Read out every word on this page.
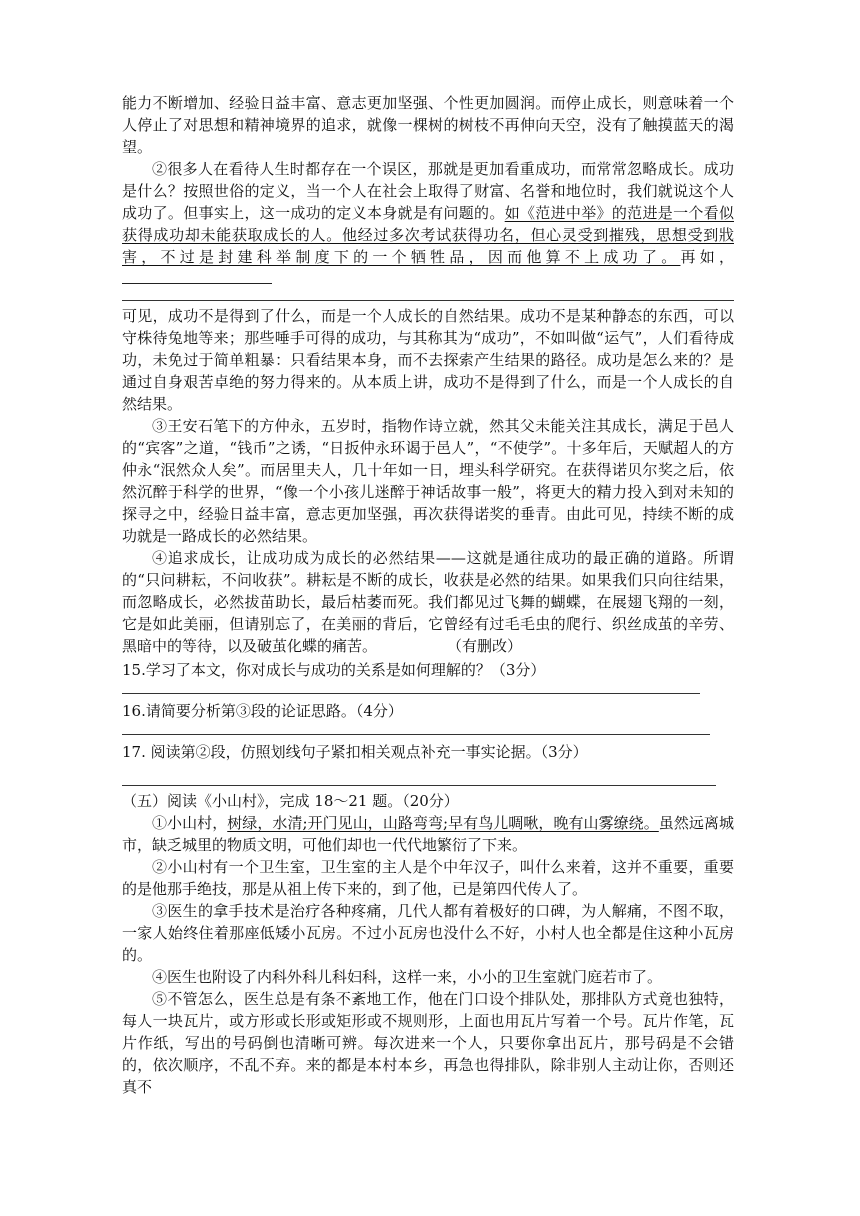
能力不断增加、经验日益丰富、意志更加坚强、个性更加圆润。而停止成长，则意味着一个人停止了对思想和精神境界的追求，就像一棵树的树枝不再伸向天空，没有了触摸蓝天的渴望。

②很多人在看待人生时都存在一个误区，那就是更加看重成功，而常常忽略成长。成功是什么？按照世俗的定义，当一个人在社会上取得了财富、名誉和地位时，我们就说这个人成功了。但事实上，这一成功的定义本身就是有问题的。如《范进中举》的范进是一个看似获得成功却未能获取成长的人。他经过多次考试获得功名，但心灵受到摧残，思想受到戕害，不过是封建科举制度下的一个牺牲品，因而他算不上成功了。再如，

可见，成功不是得到了什么，而是一个人成长的自然结果。成功不是某种静态的东西，可以守株待兔地等来；那些唾手可得的成功，与其称其为“成功”，不如叫做“运气”，人们看待成功，未免过于简单粗暴：只看结果本身，而不去探索产生结果的路径。成功是怎么来的？是通过自身艰苦卓绝的努力得来的。从本质上讲，成功不是得到了什么，而是一个人成长的自然结果。

③王安石笔下的方仲永，五岁时，指物作诗立就，然其父未能关注其成长，满足于邑人的“宾客”之道，“钱币”之诱，“日扳仲永环谒于邑人”，“不使学”。十多年后，天赋超人的方仲永“泯然众人矣”。而居里夫人，几十年如一日，埋头科学研究。在获得诺贝尔奖之后，依然沉醉于科学的世界，“像一个小孩儿迷醉于神话故事一般”，将更大的精力投入到对未知的探寻之中，经验日益丰富，意志更加坚强，再次获得诺奖的垂青。由此可见，持续不断的成功就是一路成长的必然结果。

④追求成长，让成功成为成长的必然结果——这就是通往成功的最正确的道路。所谓的“只问耕耘，不问收获”。耕耘是不断的成长，收获是必然的结果。如果我们只向往结果，而忽略成长，必然拔苗助长，最后枯萎而死。我们都见过飞舞的蝴蝶，在展翅飞翔的一刻，它是如此美丽，但请别忘了，在美丽的背后，它曾经有过毛毛虫的爬行、织丝成茧的辛劳、黑暗中的等待，以及破茧化蝶的痛苦。	（有删改）

15.学习了本文，你对成长与成功的关系是如何理解的？（3分）

16.请简要分析第③段的论证思路。（4分）

17. 阅读第②段，仿照划线句子紧扣相关观点补充一事实论据。（3分）

（五）阅读《小山村》，完成 18～21 题。（20分）

①小山村，树绿，水清;开门见山，山路弯弯;早有鸟儿啁啾，晚有山雾缭绕。虽然远离城市，缺乏城里的物质文明，可他们却也一代代地繁衍了下来。

②小山村有一个卫生室，卫生室的主人是个中年汉子，叫什么来着，这并不重要，重要的是他那手绝技，那是从祖上传下来的，到了他，已是第四代传人了。

③医生的拿手技术是治疗各种疼痛，几代人都有着极好的口碑，为人解痛，不图不取，一家人始终住着那座低矮小瓦房。不过小瓦房也没什么不好，小村人也全都是住这种小瓦房的。

④医生也附设了内科外科儿科妇科，这样一来，小小的卫生室就门庭若市了。

⑤不管怎么，医生总是有条不紊地工作，他在门口设个排队处，那排队方式竟也独特，每人一块瓦片，或方形或长形或矩形或不规则形，上面也用瓦片写着一个号。瓦片作笔，瓦片作纸，写出的号码倒也清晰可辨。每次进来一个人，只要你拿出瓦片，那号码是不会错的，依次顺序，不乱不弃。来的都是本村本乡，再急也得排队，除非别人主动让你，否则还真不
